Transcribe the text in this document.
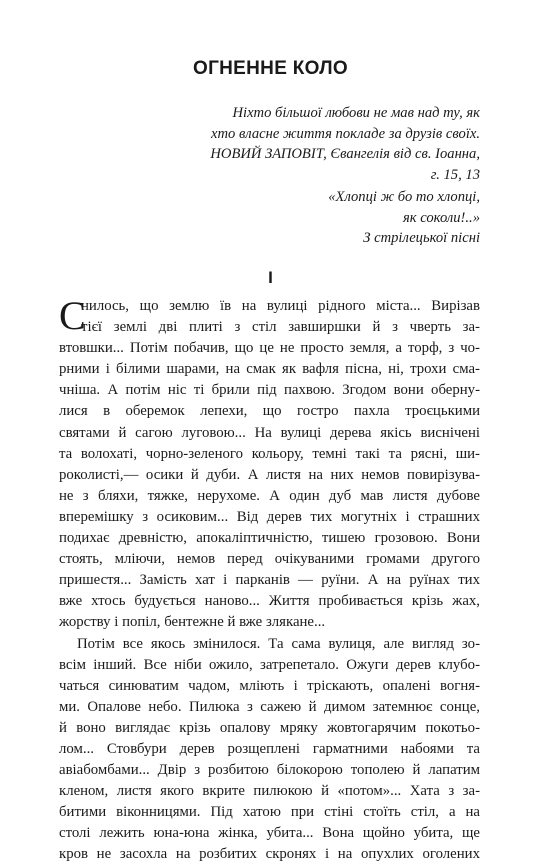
ОГНЕННЕ КОЛО
Ніхто більшої любови не мав над ту, як
хто власне життя покладе за друзів своїх.
НОВИЙ ЗАПОВІТ, Євангелія від св. Іоанна,
г. 15, 13
«Хлопці ж бо то хлопці,
як соколи!..»
З стрілецької пісні
I
С
нилось, що землю їв на вулиці рідного міста... Вирізав
тієї землі дві плиті з стіл завширшки й з чверть за-
втовшки... Потім побачив, що це не просто земля, а торф, з чо-
рними і білими шарами, на смак як вафля пісна, ні, трохи сма-
чніша. А потім ніс ті брили під пахвою. Згодом вони оберну-
лися в оберемок лепехи, що гостро пахла троєцькими
святами й сагою луговою... На вулиці дерева якісь виснічені
та волохаті, чорно-зеленого кольору, темні такі та рясні, ши-
роколисті,— осики й дуби. А листя на них немов повирізува-
не з бляхи, тяжке, нерухоме. А один дуб мав листя дубове
вперемішку з осиковим... Від дерев тих могутніх і страшних
подихає древністю, апокаліптичністю, тишею грозовою. Вони
стоять, мліючи, немов перед очікуваними громами другого
пришестя... Замість хат і парканів — руїни. А на руїнах тих
вже хтось будується наново... Життя пробивається крізь жах,
жорству і попіл, бентежне й вже злякане...
Потім все якось змінилося. Та сама вулиця, але вигляд зо-
всім інший. Все ніби ожило, затрепетало. Ожуги дерев клубо-
чаться синюватим чадом, мліють і тріскають, опалені вогня-
ми. Опалове небо. Пилюка з сажею й димом затемнює сонце,
й воно виглядає крізь опалову мряку жовтогарячим покотьо-
лом... Стовбури дерев розщеплені гарматними набоями та
авіабомбами... Двір з розбитою білокорою тополею й лапатим
кленом, листя якого вкрите пилюкою й «потом»... Хата з за-
битими віконницями. Під хатою при стіні стоїть стіл, а на
столі лежить юна-юна жінка, убита... Вона щойно убита, ще
кров не засохла на розбитих скронях і на опухлих оголених
